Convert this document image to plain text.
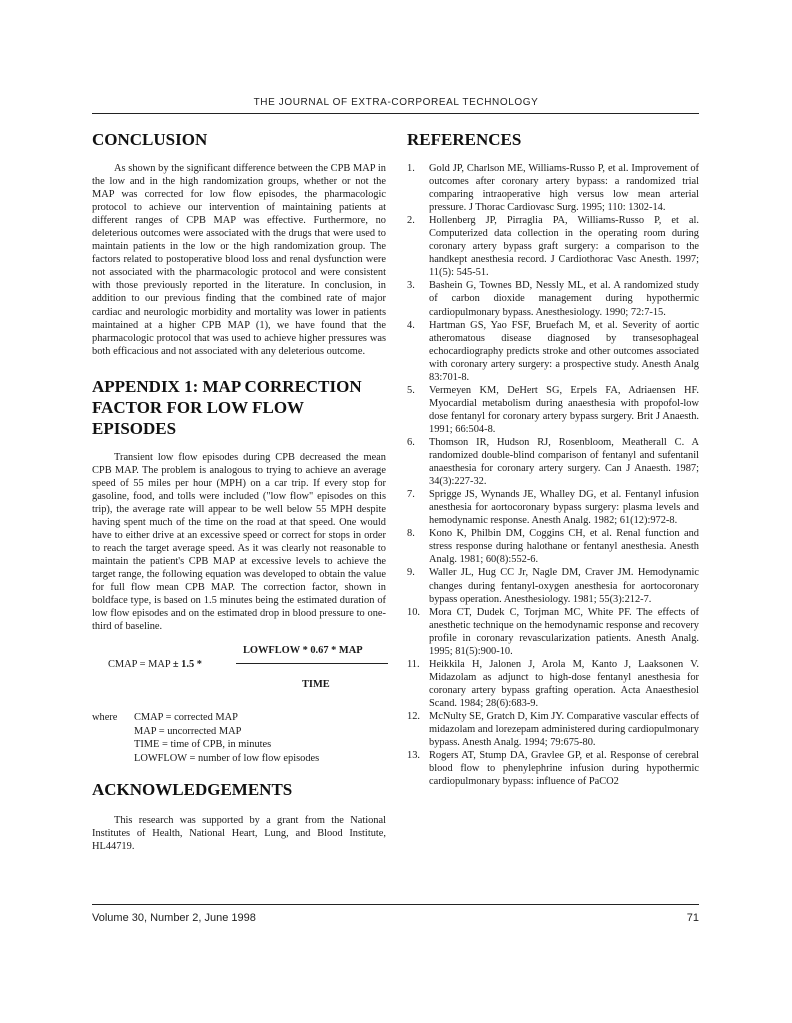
THE JOURNAL OF EXTRA-CORPOREAL TECHNOLOGY
CONCLUSION

As shown by the significant difference between the CPB MAP in the low and in the high randomization groups, whether or not the MAP was corrected for low flow episodes, the pharmacologic protocol to achieve our intervention of maintaining patients at different ranges of CPB MAP was effective. Furthermore, no deleterious outcomes were associated with the drugs that were used to maintain patients in the low or the high randomization group. The factors related to postoperative blood loss and renal dysfunction were not associated with the pharmacologic protocol and were consistent with those previously reported in the literature. In conclusion, in addition to our previous finding that the combined rate of major cardiac and neurologic morbidity and mortality was lower in patients maintained at a higher CPB MAP (1), we have found that the pharmacologic protocol that was used to achieve higher pressures was both efficacious and not associated with any deleterious outcome.

APPENDIX 1: MAP CORRECTION FACTOR FOR LOW FLOW EPISODES

Transient low flow episodes during CPB decreased the mean CPB MAP. The problem is analogous to trying to achieve an average speed of 55 miles per hour (MPH) on a car trip. If every stop for gasoline, food, and tolls were included ("low flow" episodes on this trip), the average rate will appear to be well below 55 MPH despite having spent much of the time on the road at that speed. One would have to either drive at an excessive speed or correct for stops in order to reach the target average speed. As it was clearly not reasonable to maintain the patient's CPB MAP at excessive levels to achieve the target range, the following equation was developed to obtain the value for full flow mean CPB MAP. The correction factor, shown in boldface type, is based on 1.5 minutes being the estimated duration of low flow episodes and on the estimated drop in blood pressure to one-third of baseline.

LOWFLOW * 0.67 * MAP
CMAP = MAP ± 1.5 *
TIME
where	CMAP = corrected MAP
MAP = uncorrected MAP
TIME = time of CPB, in minutes
LOWFLOW = number of low flow episodes
ACKNOWLEDGEMENTS

This research was supported by a grant from the National Institutes of Health, National Heart, Lung, and Blood Institute, HL44719.

REFERENCES
1.	Gold JP, Charlson ME, Williams-Russo P, et al. Improvement of outcomes after coronary artery bypass: a randomized trial comparing intraoperative high versus low mean arterial pressure. J Thorac Cardiovasc Surg. 1995; 110: 1302-14.
2.	Hollenberg JP, Pirraglia PA, Williams-Russo P, et al. Computerized data collection in the operating room during coronary artery bypass graft surgery: a comparison to the handkept anesthesia record. J Cardiothorac Vasc Anesth. 1997; 11(5): 545-51.
3.	Bashein G, Townes BD, Nessly ML, et al. A randomized study of carbon dioxide management during hypothermic cardiopulmonary bypass. Anesthesiology. 1990; 72:7-15.
4.	Hartman GS, Yao FSF, Bruefach M, et al. Severity of aortic atheromatous disease diagnosed by transesophageal echocardiography predicts stroke and other outcomes associated with coronary artery surgery: a prospective study. Anesth Analg 83:701-8.
5.	Vermeyen KM, DeHert SG, Erpels FA, Adriaensen HF. Myocardial metabolism during anaesthesia with propofol-low dose fentanyl for coronary artery bypass surgery. Brit J Anaesth. 1991; 66:504-8.
6.	Thomson IR, Hudson RJ, Rosenbloom, Meatherall C. A randomized double-blind comparison of fentanyl and sufentanil anaesthesia for coronary artery surgery. Can J Anaesth. 1987; 34(3):227-32.
7.	Sprigge JS, Wynands JE, Whalley DG, et al. Fentanyl infusion anesthesia for aortocoronary bypass surgery: plasma levels and hemodynamic response. Anesth Analg. 1982; 61(12):972-8.
8.	Kono K, Philbin DM, Coggins CH, et al. Renal function and stress response during halothane or fentanyl anesthesia. Anesth Analg. 1981; 60(8):552-6.
9.	Waller JL, Hug CC Jr, Nagle DM, Craver JM. Hemodynamic changes during fentanyl-oxygen anesthesia for aortocoronary bypass operation. Anesthesiology. 1981; 55(3):212-7.
10. Mora CT, Dudek C, Torjman MC, White PF. The effects of anesthetic technique on the hemodynamic response and recovery profile in coronary revascularization patients. Anesth Analg. 1995; 81(5):900-10.
11. Heikkila H, Jalonen J, Arola M, Kanto J, Laaksonen V. Midazolam as adjunct to high-dose fentanyl anesthesia for coronary artery bypass grafting operation. Acta Anaesthesiol Scand. 1984; 28(6):683-9.
12. McNulty SE, Gratch D, Kim JY. Comparative vascular effects of midazolam and lorezepam administered during cardiopulmonary bypass. Anesth Analg. 1994; 79:675-80.
13. Rogers AT, Stump DA, Gravlee GP, et al. Response of cerebral blood flow to phenylephrine infusion during hypothermic cardiopulmonary bypass: influence of PaCO2
Volume 30, Number 2, June 1998	71
